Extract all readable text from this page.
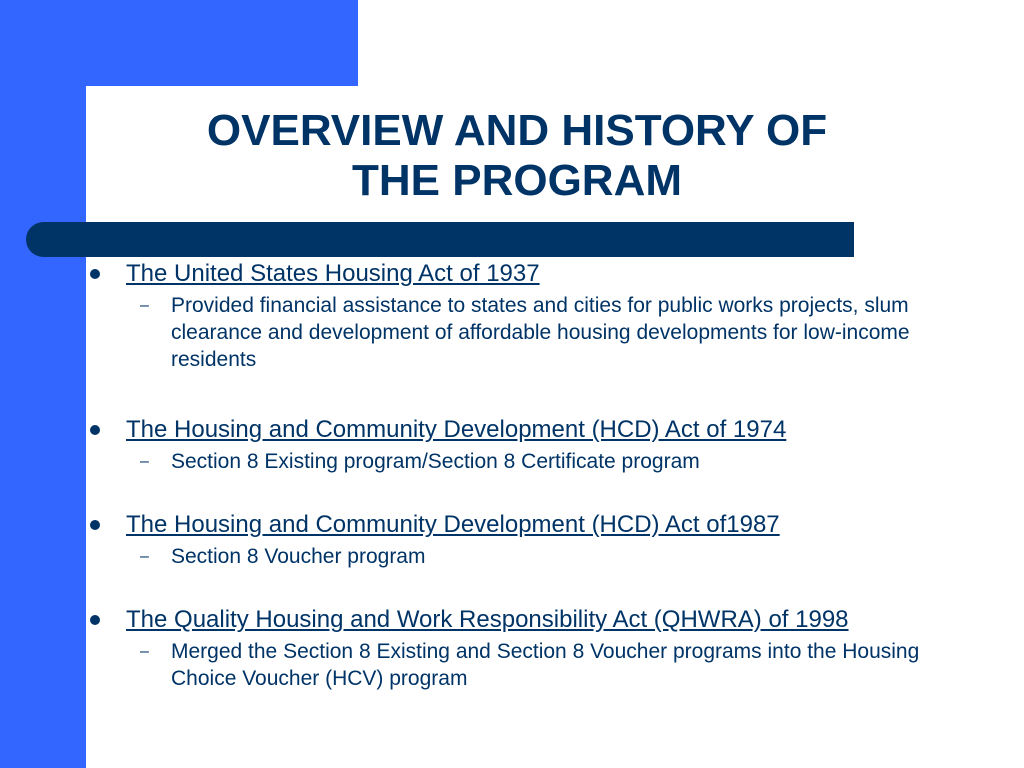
OVERVIEW AND HISTORY OF
THE PROGRAM
The United States Housing Act of 1937
– Provided financial assistance to states and cities for public works projects, slum clearance and development of affordable housing developments for low-income residents
The Housing and Community Development (HCD) Act of 1974
– Section 8 Existing program/Section 8 Certificate program
The Housing and Community Development (HCD) Act of1987
– Section 8 Voucher program
The Quality Housing and Work Responsibility Act (QHWRA) of 1998
– Merged the Section 8 Existing and Section 8 Voucher programs into the Housing Choice Voucher (HCV) program
